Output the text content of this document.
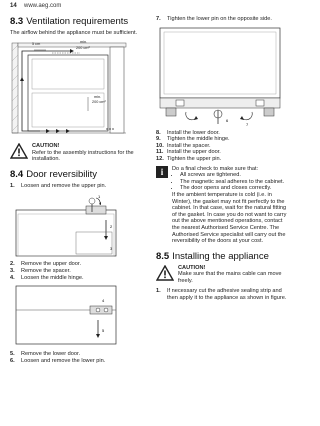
14 www.aeg.com
8.3 Ventilation requirements

The airflow behind the appliance must be sufficient.

5 cm	min.
200 cm²
min.
200 cm²
CAUTION!
Refer to the assembly instructions for the installation.
8.4 Door reversibility
1.	Loosen and remove the upper pin.
1
2
3
2.	Remove the upper door.
3.	Remove the spacer.
4.	Loosen the middle hinge.
4
5
5.	Remove the lower door.
6.	Loosen and remove the lower pin.
7.	Tighten the lower pin on the opposite side.
6
7
8.	Install the lower door.
9.	Tighten the middle hinge.
10. Install the spacer.
11. Install the upper door.
12. Tighten the upper pin.
i	Do a final check to make sure that:
• All screws are tightened.
• The magnetic seal adheres to the cabinet.
• The door opens and closes correctly.
If the ambient temperature is cold (i.e. in Winter), the gasket may not fit perfectly to the cabinet. In that case, wait for the natural fitting of the gasket. In case you do not want to carry out the above mentioned operations, contact the nearest Authorised Service Centre. The Authorised Service specialist will carry out the reversibility of the doors at your cost.
8.5 Installing the appliance
CAUTION!
Make sure that the mains cable can move freely.
1.	If necessary cut the adhesive sealing strip and then apply it to the appliance as shown in figure.
